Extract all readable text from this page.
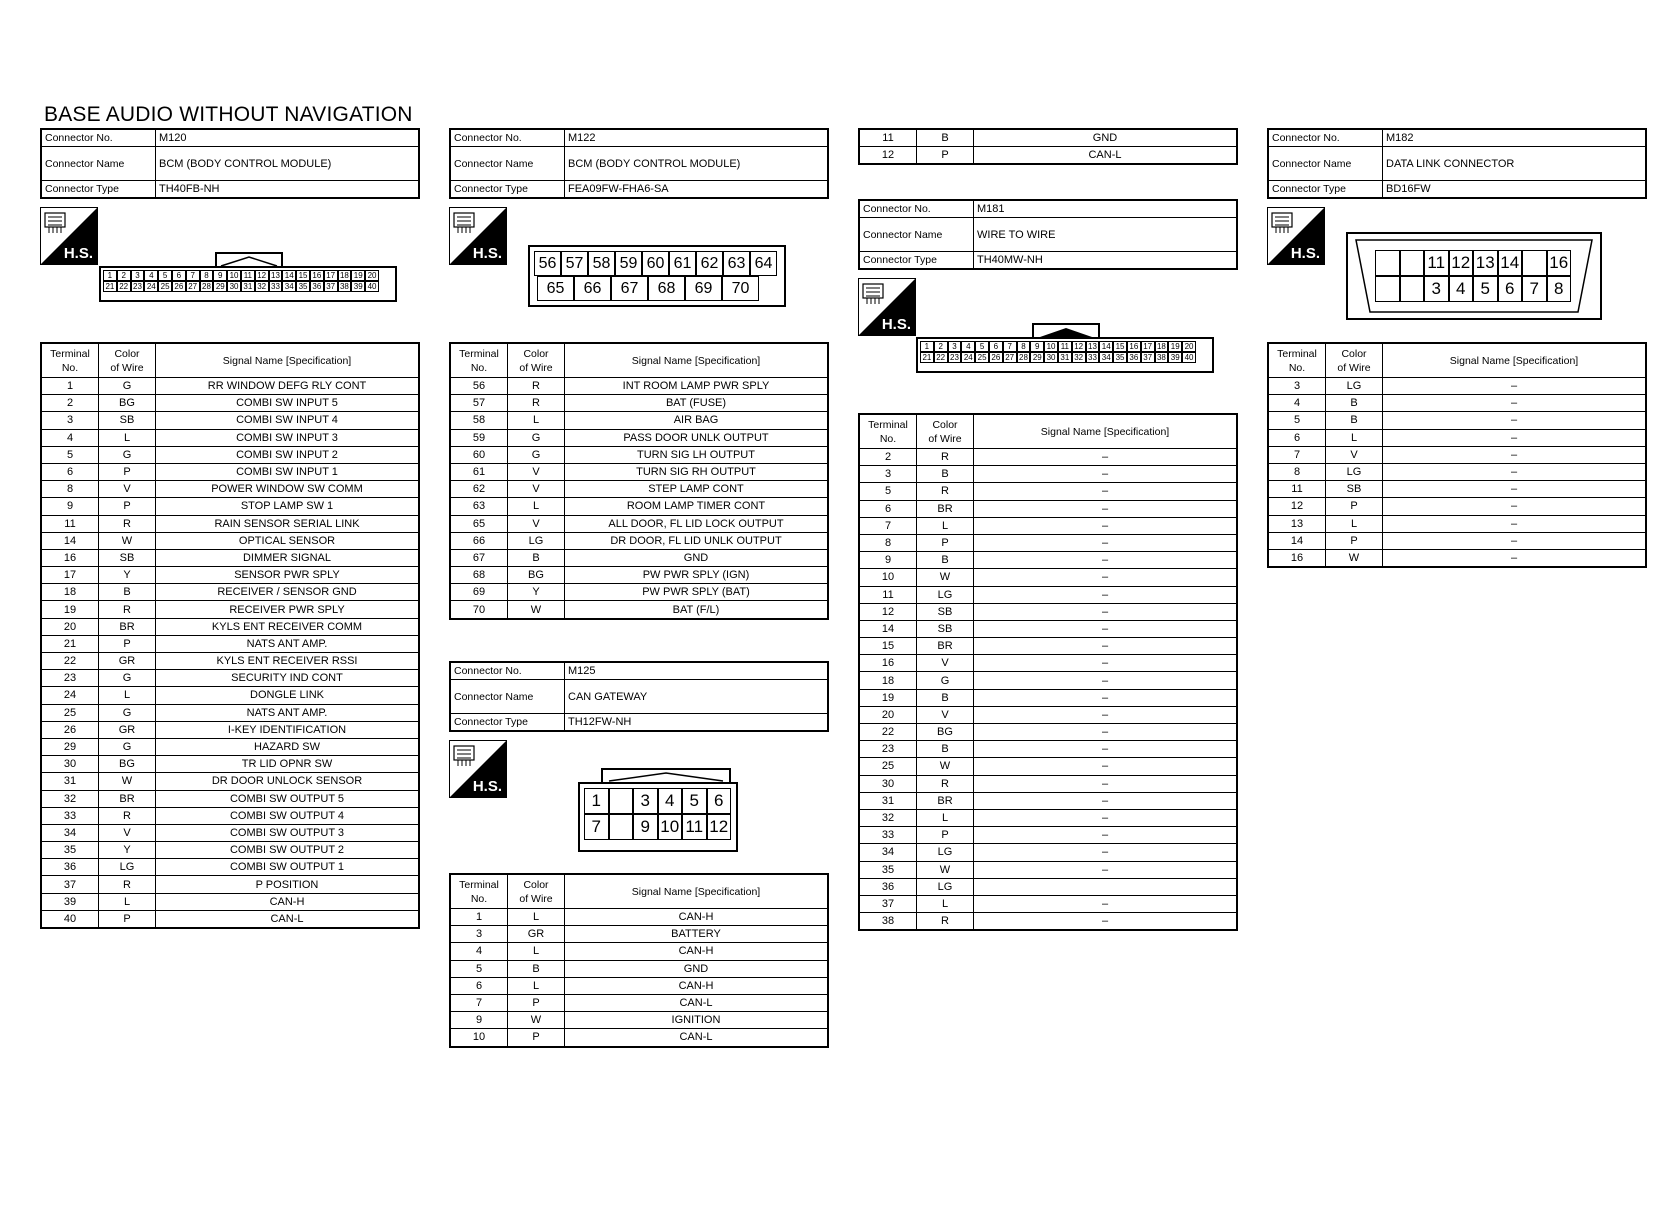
BASE AUDIO WITHOUT NAVIGATION
Connector No.	M120
Connector Name	BCM (BODY CONTROL MODULE)
Connector Type	TH40FB-NH
H.S.
1	2	3	4	5	6	7	8	9 10 11 12 13 14 15 16 17 18 19 20
21 22 23 24 25 26 27 28 29 30 31 32 33 34 35 36 37 38 39 40
Terminal
No.	Color
of Wire	Signal Name [Specification]
1	G	RR WINDOW DEFG RLY CONT
2	BG	COMBI SW INPUT 5
3	SB	COMBI SW INPUT 4
4	L	COMBI SW INPUT 3
5	G	COMBI SW INPUT 2
6	P	COMBI SW INPUT 1
8	V	POWER WINDOW SW COMM
9	P	STOP LAMP SW 1
11	R	RAIN SENSOR SERIAL LINK
14	W	OPTICAL SENSOR
16	SB	DIMMER SIGNAL
17	Y	SENSOR PWR SPLY
18	B	RECEIVER / SENSOR GND
19	R	RECEIVER PWR SPLY
20	BR	KYLS ENT RECEIVER COMM
21	P	NATS ANT AMP.
22	GR	KYLS ENT RECEIVER RSSI
23	G	SECURITY IND CONT
24	L	DONGLE LINK
25	G	NATS ANT AMP.
26	GR	I-KEY IDENTIFICATION
29	G	HAZARD SW
30	BG	TR LID OPNR SW
31	W	DR DOOR UNLOCK SENSOR
32	BR	COMBI SW OUTPUT 5
33	R	COMBI SW OUTPUT 4
34	V	COMBI SW OUTPUT 3
35	Y	COMBI SW OUTPUT 2
36	LG	COMBI SW OUTPUT 1
37	R	P POSITION
39	L	CAN-H
40	P	CAN-L
Connector No.	M122
Connector Name	BCM (BODY CONTROL MODULE)
Connector Type	FEA09FW-FHA6-SA
H.S.
56 57 58 59 60 61 62 63 64
65	66	67	68	69	70
Connector No.	M125
Connector Name	CAN GATEWAY
Connector Type	TH12FW-NH
H.S.
1	3 4 5 6
7	9 10 11 12
Terminal
No.	Color
of Wire	Signal Name [Specification]
1	L	CAN-H
3	GR	BATTERY
4	L	CAN-H
5	B	GND
6	L	CAN-H
7	P	CAN-L
9	W	IGNITION
10	P	CAN-L
Terminal
No.	Color
of Wire	Signal Name [Specification]
56	R	INT ROOM LAMP PWR SPLY
57	R	BAT (FUSE)
58	L	AIR BAG
59	G	PASS DOOR UNLK OUTPUT
60	G	TURN SIG LH OUTPUT
61	V	TURN SIG RH OUTPUT
62	V	STEP LAMP CONT
63	L	ROOM LAMP TIMER CONT
65	V	ALL DOOR, FL LID LOCK OUTPUT
66	LG	DR DOOR, FL LID UNLK OUTPUT
67	B	GND
68	BG	PW PWR SPLY (IGN)
69	Y	PW PWR SPLY (BAT)
70	W	BAT (F/L)
11	B	GND
12	P	CAN-L
Connector No.	M181
Connector Name	WIRE TO WIRE
Connector Type	TH40MW-NH
H.S.
1	2	3	4	5	6	7	8	9 10 11 12 13 14 15 16 17 18 19 20
21 22 23 24 25 26 27 28 29 30 31 32 33 34 35 36 37 38 39 40
Terminal
No.	Color
of Wire	Signal Name [Specification]
2	R	–
3	B	–
5	R	–
6	BR	–
7	L	–
8	P	–
9	B	–
10	W	–
11	LG	–
12	SB	–
14	SB	–
15	BR	–
16	V	–
18	G	–
19	B	–
20	V	–
22	BG	–
23	B	–
25	W	–
30	R	–
31	BR	–
32	L	–
33	P	–
34	LG	–
35	W	–
36	LG	
37	L	–
38	R	–
Connector No.	M182
Connector Name	DATA LINK CONNECTOR
Connector Type	BD16FW
H.S.	11 12 13 14 16
3 4 5 6 7 8
Terminal
No.	Color
of Wire	Signal Name [Specification]
3	LG	–
4	B	–
5	B	–
6	L	–
7	V	–
8	LG	–
11	SB	–
12	P	–
13	L	–
14	P	–
16	W	–
